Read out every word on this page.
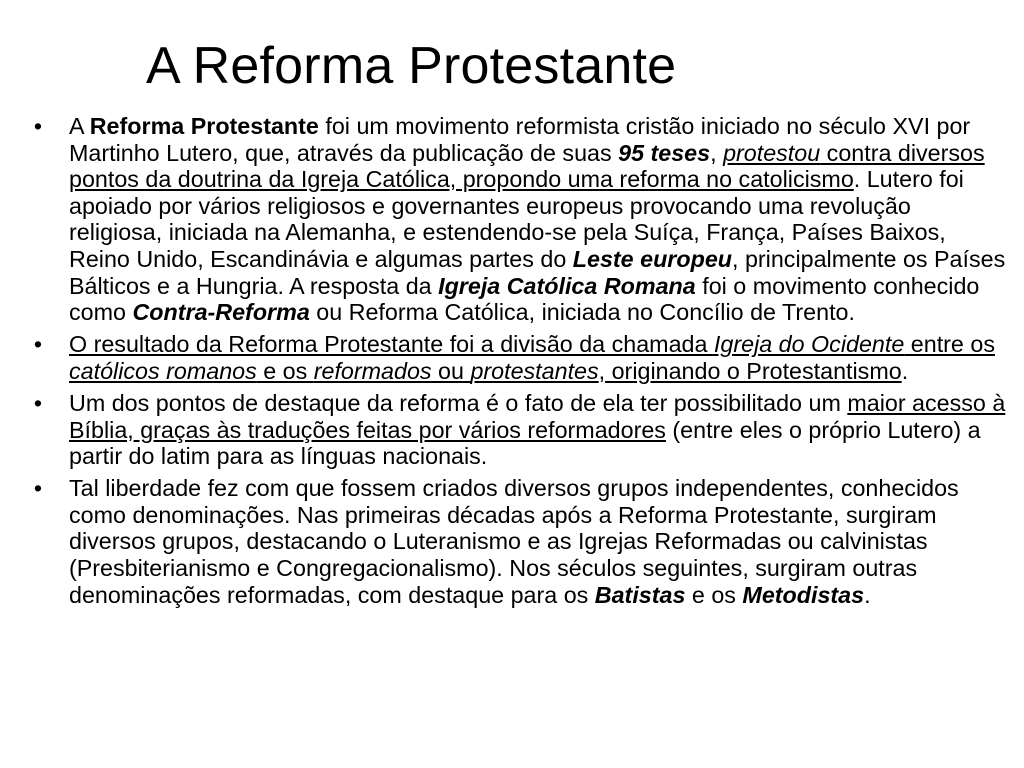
A Reforma Protestante
• A Reforma Protestante foi um movimento reformista cristão iniciado no século XVI por Martinho Lutero, que, através da publicação de suas 95 teses, protestou contra diversos pontos da doutrina da Igreja Católica, propondo uma reforma no catolicismo. Lutero foi apoiado por vários religiosos e governantes europeus provocando uma revolução religiosa, iniciada na Alemanha, e estendendo-se pela Suíça, França, Países Baixos, Reino Unido, Escandinávia e algumas partes do Leste europeu, principalmente os Países Bálticos e a Hungria. A resposta da Igreja Católica Romana foi o movimento conhecido como Contra-Reforma ou Reforma Católica, iniciada no Concílio de Trento.
• O resultado da Reforma Protestante foi a divisão da chamada Igreja do Ocidente entre os católicos romanos e os reformados ou protestantes, originando o Protestantismo.
• Um dos pontos de destaque da reforma é o fato de ela ter possibilitado um maior acesso à Bíblia, graças às traduções feitas por vários reformadores (entre eles o próprio Lutero) a partir do latim para as línguas nacionais.
• Tal liberdade fez com que fossem criados diversos grupos independentes, conhecidos como denominações. Nas primeiras décadas após a Reforma Protestante, surgiram diversos grupos, destacando o Luteranismo e as Igrejas Reformadas ou calvinistas (Presbiterianismo e Congregacionalismo). Nos séculos seguintes, surgiram outras denominações reformadas, com destaque para os Batistas e os Metodistas.
